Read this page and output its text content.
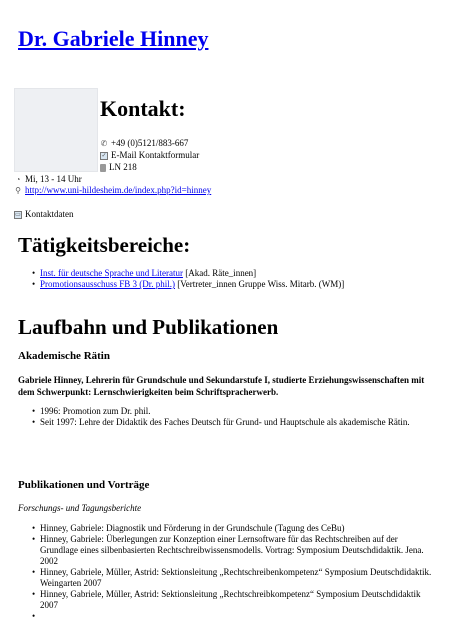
Dr. Gabriele Hinney
Kontakt:
✆ +49 (0)5121/883-667
✓ E-Mail Kontaktformular
LN 218
◔ Mi, 13 - 14 Uhr
⚲ http://www.uni-hildesheim.de/index.php?id=hinney
▭ Kontaktdaten
Tätigkeitsbereiche:
• Inst. für deutsche Sprache und Literatur [Akad. Räte_innen]
• Promotionsausschuss FB 3 (Dr. phil.) [Vertreter_innen Gruppe Wiss. Mitarb. (WM)]
Laufbahn und Publikationen
Akademische Rätin

Gabriele Hinney, Lehrerin für Grundschule und Sekundarstufe I, studierte Erziehungswissenschaften mit dem Schwerpunkt: Lernschwierigkeiten beim Schriftspracherwerb.

• 1996: Promotion zum Dr. phil.
• Seit 1997: Lehre der Didaktik des Faches Deutsch für Grund- und Hauptschule als akademische Rätin.
Publikationen und Vorträge

Forschungs- und Tagungsberichte

• Hinney, Gabriele: Diagnostik und Förderung in der Grundschule (Tagung des CeBu)
• Hinney, Gabriele: Überlegungen zur Konzeption einer Lernsoftware für das Rechtschreiben auf der Grundlage eines silbenbasierten Rechtschreibwissensmodells. Vortrag: Symposium Deutschdidaktik. Jena. 2002
• Hinney, Gabriele, Müller, Astrid: Sektionsleitung „Rechtschreibenkompetenz“ Symposium Deutschdidaktik. Weingarten 2007
• Hinney, Gabriele, Müller, Astrid: Sektionsleitung „Rechtschreibkompetenz“ Symposium Deutschdidaktik 2007
•
